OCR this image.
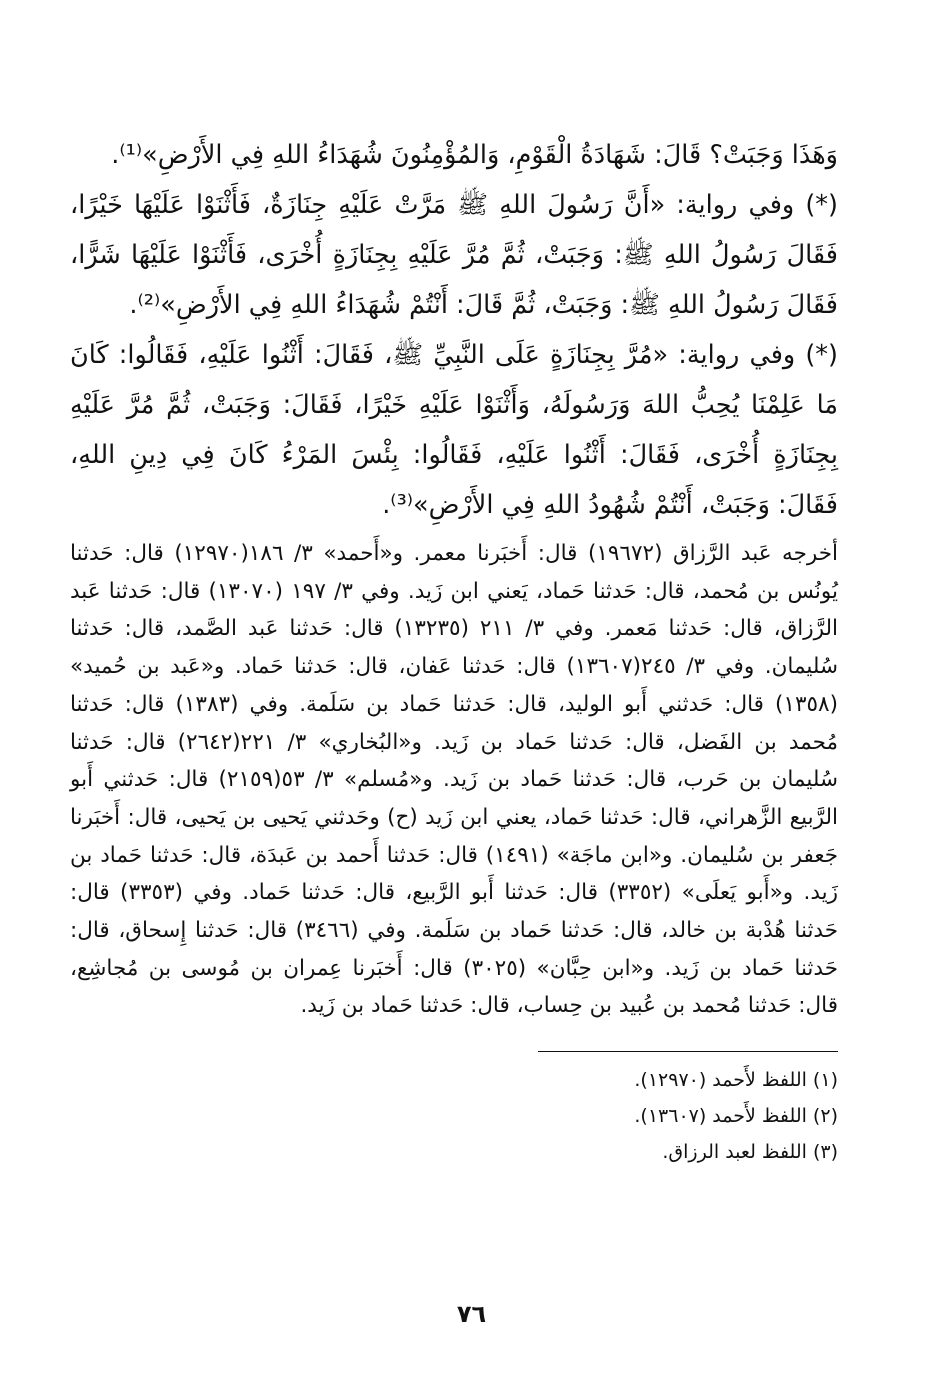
وَهَذَا وَجَبَتْ؟ قَالَ: شَهَادَةُ الْقَوْمِ، وَالمُؤْمِنُونَ شُهَدَاءُ اللهِ فِي الأَرْضِ»⁽¹⁾.

(*) وفي رواية: «أَنَّ رَسُولَ اللهِ ﷺ مَرَّتْ عَلَيْهِ جِنَازَةٌ، فَأَثْنَوْا عَلَيْهَا خَيْرًا، فَقَالَ رَسُولُ اللهِ ﷺ: وَجَبَتْ، ثُمَّ مُرَّ عَلَيْهِ بِجِنَازَةٍ أُخْرَى، فَأَثْنَوْا عَلَيْهَا شَرًّا، فَقَالَ رَسُولُ اللهِ ﷺ: وَجَبَتْ، ثُمَّ قَالَ: أَنْتُمْ شُهَدَاءُ اللهِ فِي الأَرْضِ»⁽²⁾.

(*) وفي رواية: «مُرَّ بِجِنَازَةٍ عَلَى النَّبِيِّ ﷺ، فَقَالَ: أَثْنُوا عَلَيْهِ، فَقَالُوا: كَانَ مَا عَلِمْنَا يُحِبُّ اللهَ وَرَسُولَهُ، وَأَثْنَوْا عَلَيْهِ خَيْرًا، فَقَالَ: وَجَبَتْ، ثُمَّ مُرَّ عَلَيْهِ بِجِنَازَةٍ أُخْرَى، فَقَالَ: أَثْنُوا عَلَيْهِ، فَقَالُوا: بِئْسَ المَرْءُ كَانَ فِي دِينِ اللهِ، فَقَالَ: وَجَبَتْ، أَنْتُمْ شُهُودُ اللهِ فِي الأَرْضِ»⁽³⁾.

أخرجه عَبد الرَّزاق (١٩٦٧٢) قال: أَخبَرنا معمر. و«أَحمد» ٣/ ١٨٦(١٢٩٧٠) قال: حَدثنا يُونُس بن مُحمد، قال: حَدثنا حَماد، يَعني ابن زَيد. وفي ٣/ ١٩٧ (١٣٠٧٠) قال: حَدثنا عَبد الرَّزاق، قال: حَدثنا مَعمر. وفي ٣/ ٢١١ (١٣٢٣٥) قال: حَدثنا عَبد الصَّمد، قال: حَدثنا سُليمان. وفي ٣/ ٢٤٥(١٣٦٠٧) قال: حَدثنا عَفان، قال: حَدثنا حَماد. و«عَبد بن حُميد» (١٣٥٨) قال: حَدثني أَبو الوليد، قال: حَدثنا حَماد بن سَلَمة. وفي (١٣٨٣) قال: حَدثنا مُحمد بن الفَضل، قال: حَدثنا حَماد بن زَيد. و«البُخاري» ٣/ ٢٢١(٢٦٤٢) قال: حَدثنا سُليمان بن حَرب، قال: حَدثنا حَماد بن زَيد. و«مُسلم» ٣/ ٥٣(٢١٥٩) قال: حَدثني أَبو الرَّبيع الزَّهراني، قال: حَدثنا حَماد، يعني ابن زَيد (ح) وحَدثني يَحيى بن يَحيى، قال: أَخبَرنا جَعفر بن سُليمان. و«ابن ماجَة» (١٤٩١) قال: حَدثنا أَحمد بن عَبدَة، قال: حَدثنا حَماد بن زَيد. و«أَبو يَعلَى» (٣٣٥٢) قال: حَدثنا أَبو الرَّبيع، قال: حَدثنا حَماد. وفي (٣٣٥٣) قال: حَدثنا هُدْبة بن خالد، قال: حَدثنا حَماد بن سَلَمة. وفي (٣٤٦٦) قال: حَدثنا إِسحاق، قال: حَدثنا حَماد بن زَيد. و«ابن حِبَّان» (٣٠٢٥) قال: أَخبَرنا عِمران بن مُوسى بن مُجاشِع، قال: حَدثنا مُحمد بن عُبيد بن حِساب، قال: حَدثنا حَماد بن زَيد.

(١) اللفظ لأَحمد (١٢٩٧٠).

(٢) اللفظ لأَحمد (١٣٦٠٧).

(٣) اللفظ لعبد الرزاق.

٧٦
